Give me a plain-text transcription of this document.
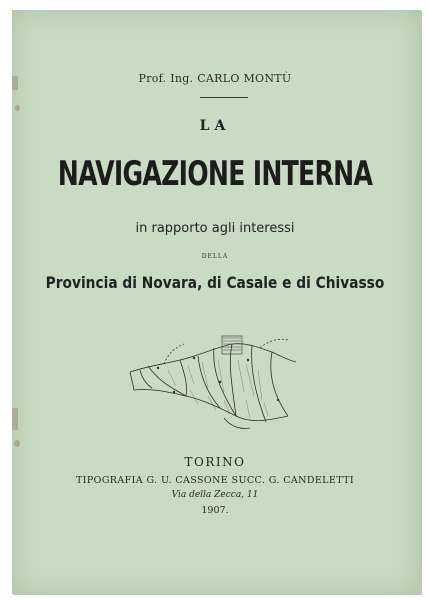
Prof. Ing. CARLO MONTÙ
LA
NAVIGAZIONE INTERNA
in rapporto agli interessi
DELLA
Provincia di Novara, di Casale e di Chivasso
TORINO
TIPOGRAFIA G. U. CASSONE SUCC. G. CANDELETTI
Via della Zecca, 11
1907.
